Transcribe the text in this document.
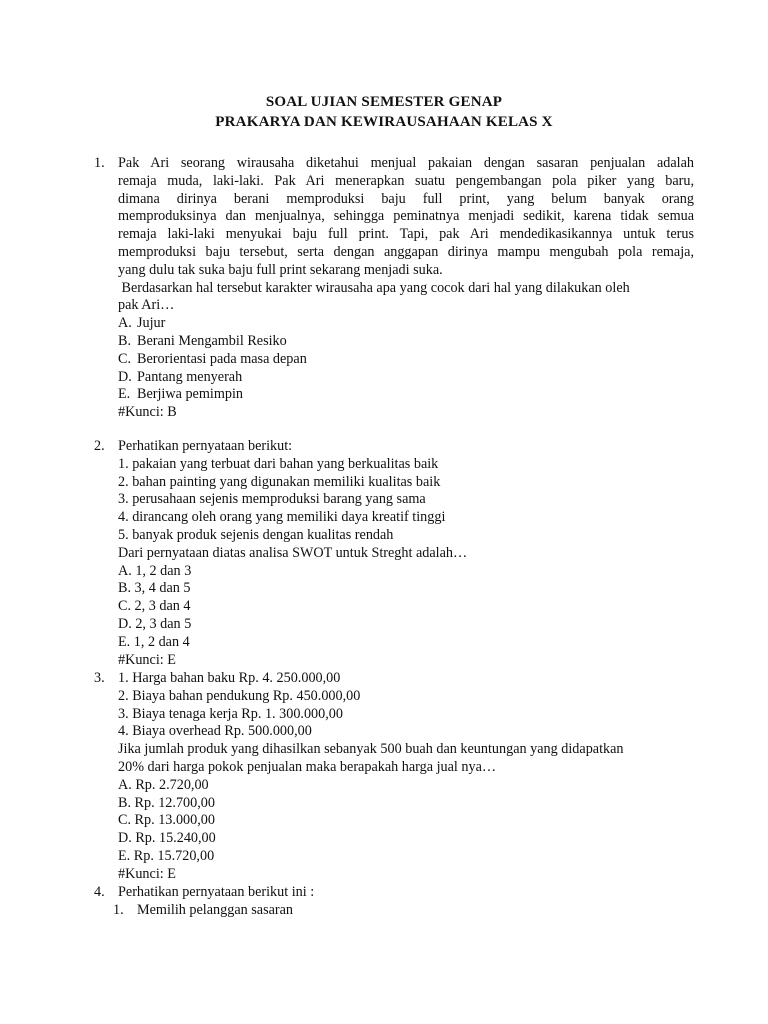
SOAL UJIAN SEMESTER GENAP
PRAKARYA DAN KEWIRAUSAHAAN KELAS X
1. Pak Ari seorang wirausaha diketahui menjual pakaian dengan sasaran penjualan adalah
remaja muda, laki-laki. Pak Ari menerapkan suatu pengembangan pola piker yang baru,
dimana dirinya berani memproduksi baju full print, yang belum banyak orang
memproduksinya dan menjualnya, sehingga peminatnya menjadi sedikit, karena tidak semua
remaja laki-laki menyukai baju full print. Tapi, pak Ari mendedikasikannya untuk terus
memproduksi baju tersebut, serta dengan anggapan dirinya mampu mengubah pola remaja,
yang dulu tak suka baju full print sekarang menjadi suka.
Berdasarkan hal tersebut karakter wirausaha apa yang cocok dari hal yang dilakukan oleh
pak Ari…
A. Jujur
B. Berani Mengambil Resiko
C. Berorientasi pada masa depan
D. Pantang menyerah
E. Berjiwa pemimpin
#Kunci: B
2. Perhatikan pernyataan berikut:
1. pakaian yang terbuat dari bahan yang berkualitas baik
2. bahan painting yang digunakan memiliki kualitas baik
3. perusahaan sejenis memproduksi barang yang sama
4. dirancang oleh orang yang memiliki daya kreatif tinggi
5. banyak produk sejenis dengan kualitas rendah
Dari pernyataan diatas analisa SWOT untuk Streght adalah…
A. 1, 2 dan 3
B. 3, 4 dan 5
C. 2, 3 dan 4
D. 2, 3 dan 5
E. 1, 2 dan 4
#Kunci: E
3. 1. Harga bahan baku Rp. 4. 250.000,00
2. Biaya bahan pendukung Rp. 450.000,00
3. Biaya tenaga kerja Rp. 1. 300.000,00
4. Biaya overhead Rp. 500.000,00
Jika jumlah produk yang dihasilkan sebanyak 500 buah dan keuntungan yang didapatkan
20% dari harga pokok penjualan maka berapakah harga jual nya…
A. Rp. 2.720,00
B. Rp. 12.700,00
C. Rp. 13.000,00
D. Rp. 15.240,00
E. Rp. 15.720,00
#Kunci: E
4. Perhatikan pernyataan berikut ini :
1. Memilih pelanggan sasaran
